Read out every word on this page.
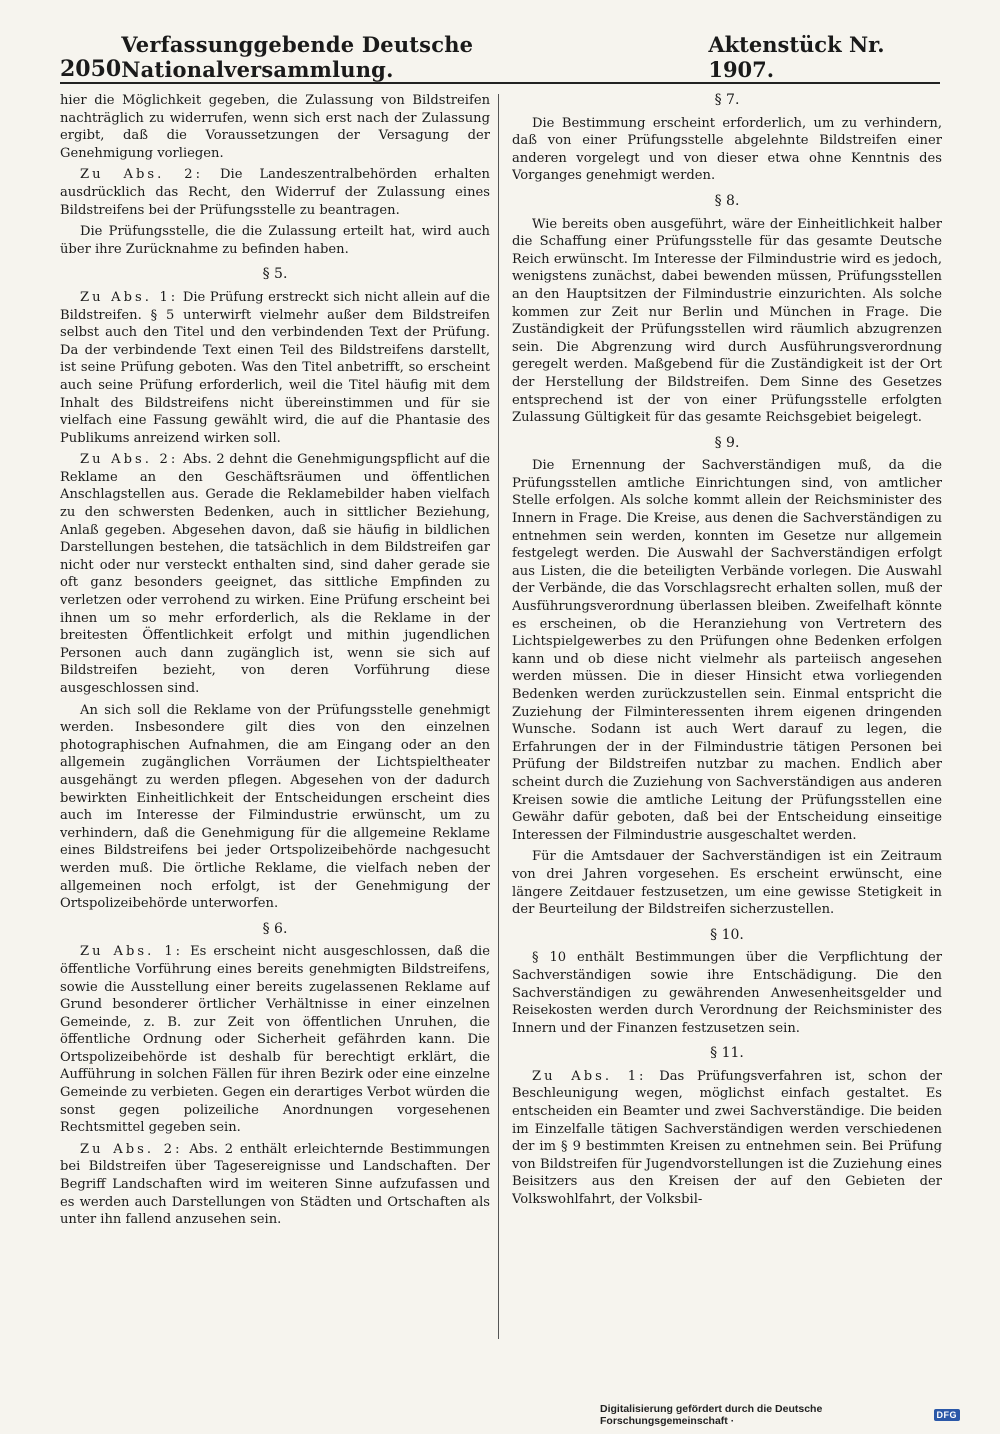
2050
Verfassunggebende Deutsche Nationalversammlung.
Aktenstück Nr. 1907.

hier die Möglichkeit gegeben, die Zulassung von Bildstreifen nachträglich zu widerrufen, wenn sich erst nach der Zulassung ergibt, daß die Voraussetzungen der Versagung der Genehmigung vorliegen.

Zu Abs. 2: Die Landeszentralbehörden erhalten ausdrücklich das Recht, den Widerruf der Zulassung eines Bildstreifens bei der Prüfungsstelle zu beantragen.

Die Prüfungsstelle, die die Zulassung erteilt hat, wird auch über ihre Zurücknahme zu befinden haben.

§ 5.

Zu Abs. 1: Die Prüfung erstreckt sich nicht allein auf die Bildstreifen. § 5 unterwirft vielmehr außer dem Bildstreifen selbst auch den Titel und den verbindenden Text der Prüfung. Da der verbindende Text einen Teil des Bildstreifens darstellt, ist seine Prüfung geboten. Was den Titel anbetrifft, so erscheint auch seine Prüfung erforderlich, weil die Titel häufig mit dem Inhalt des Bildstreifens nicht übereinstimmen und für sie vielfach eine Fassung gewählt wird, die auf die Phantasie des Publikums anreizend wirken soll.

Zu Abs. 2: Abs. 2 dehnt die Genehmigungspflicht auf die Reklame an den Geschäftsräumen und öffentlichen Anschlagstellen aus. Gerade die Reklamebilder haben vielfach zu den schwersten Bedenken, auch in sittlicher Beziehung, Anlaß gegeben. Abgesehen davon, daß sie häufig in bildlichen Darstellungen bestehen, die tatsächlich in dem Bildstreifen gar nicht oder nur versteckt enthalten sind, sind daher gerade sie oft ganz besonders geeignet, das sittliche Empfinden zu verletzen oder verrohend zu wirken. Eine Prüfung erscheint bei ihnen um so mehr erforderlich, als die Reklame in der breitesten Öffentlichkeit erfolgt und mithin jugendlichen Personen auch dann zugänglich ist, wenn sie sich auf Bildstreifen bezieht, von deren Vorführung diese ausgeschlossen sind.

An sich soll die Reklame von der Prüfungsstelle genehmigt werden. Insbesondere gilt dies von den einzelnen photographischen Aufnahmen, die am Eingang oder an den allgemein zugänglichen Vorräumen der Lichtspieltheater ausgehängt zu werden pflegen. Abgesehen von der dadurch bewirkten Einheitlichkeit der Entscheidungen erscheint dies auch im Interesse der Filmindustrie erwünscht, um zu verhindern, daß die Genehmigung für die allgemeine Reklame eines Bildstreifens bei jeder Ortspolizeibehörde nachgesucht werden muß. Die örtliche Reklame, die vielfach neben der allgemeinen noch erfolgt, ist der Genehmigung der Ortspolizeibehörde unterworfen.

§ 6.

Zu Abs. 1: Es erscheint nicht ausgeschlossen, daß die öffentliche Vorführung eines bereits genehmigten Bildstreifens, sowie die Ausstellung einer bereits zugelassenen Reklame auf Grund besonderer örtlicher Verhältnisse in einer einzelnen Gemeinde, z. B. zur Zeit von öffentlichen Unruhen, die öffentliche Ordnung oder Sicherheit gefährden kann. Die Ortspolizeibehörde ist deshalb für berechtigt erklärt, die Aufführung in solchen Fällen für ihren Bezirk oder eine einzelne Gemeinde zu verbieten. Gegen ein derartiges Verbot würden die sonst gegen polizeiliche Anordnungen vorgesehenen Rechtsmittel gegeben sein.

Zu Abs. 2: Abs. 2 enthält erleichternde Bestimmungen bei Bildstreifen über Tagesereignisse und Landschaften. Der Begriff Landschaften wird im weiteren Sinne aufzufassen und es werden auch Darstellungen von Städten und Ortschaften als unter ihn fallend anzusehen sein.

§ 7.

Die Bestimmung erscheint erforderlich, um zu verhindern, daß von einer Prüfungsstelle abgelehnte Bildstreifen einer anderen vorgelegt und von dieser etwa ohne Kenntnis des Vorganges genehmigt werden.

§ 8.

Wie bereits oben ausgeführt, wäre der Einheitlichkeit halber die Schaffung einer Prüfungsstelle für das gesamte Deutsche Reich erwünscht. Im Interesse der Filmindustrie wird es jedoch, wenigstens zunächst, dabei bewenden müssen, Prüfungsstellen an den Hauptsitzen der Filmindustrie einzurichten. Als solche kommen zur Zeit nur Berlin und München in Frage. Die Zuständigkeit der Prüfungsstellen wird räumlich abzugrenzen sein. Die Abgrenzung wird durch Ausführungsverordnung geregelt werden. Maßgebend für die Zuständigkeit ist der Ort der Herstellung der Bildstreifen. Dem Sinne des Gesetzes entsprechend ist der von einer Prüfungsstelle erfolgten Zulassung Gültigkeit für das gesamte Reichsgebiet beigelegt.

§ 9.

Die Ernennung der Sachverständigen muß, da die Prüfungsstellen amtliche Einrichtungen sind, von amtlicher Stelle erfolgen. Als solche kommt allein der Reichsminister des Innern in Frage. Die Kreise, aus denen die Sachverständigen zu entnehmen sein werden, konnten im Gesetze nur allgemein festgelegt werden. Die Auswahl der Sachverständigen erfolgt aus Listen, die die beteiligten Verbände vorlegen. Die Auswahl der Verbände, die das Vorschlagsrecht erhalten sollen, muß der Ausführungsverordnung überlassen bleiben. Zweifelhaft könnte es erscheinen, ob die Heranziehung von Vertretern des Lichtspielgewerbes zu den Prüfungen ohne Bedenken erfolgen kann und ob diese nicht vielmehr als parteiisch angesehen werden müssen. Die in dieser Hinsicht etwa vorliegenden Bedenken werden zurückzustellen sein. Einmal entspricht die Zuziehung der Filminteressenten ihrem eigenen dringenden Wunsche. Sodann ist auch Wert darauf zu legen, die Erfahrungen der in der Filmindustrie tätigen Personen bei Prüfung der Bildstreifen nutzbar zu machen. Endlich aber scheint durch die Zuziehung von Sachverständigen aus anderen Kreisen sowie die amtliche Leitung der Prüfungsstellen eine Gewähr dafür geboten, daß bei der Entscheidung einseitige Interessen der Filmindustrie ausgeschaltet werden.

Für die Amtsdauer der Sachverständigen ist ein Zeitraum von drei Jahren vorgesehen. Es erscheint erwünscht, eine längere Zeitdauer festzusetzen, um eine gewisse Stetigkeit in der Beurteilung der Bildstreifen sicherzustellen.

§ 10.

§ 10 enthält Bestimmungen über die Verpflichtung der Sachverständigen sowie ihre Entschädigung. Die den Sachverständigen zu gewährenden Anwesenheitsgelder und Reisekosten werden durch Verordnung der Reichsminister des Innern und der Finanzen festzusetzen sein.

§ 11.

Zu Abs. 1: Das Prüfungsverfahren ist, schon der Beschleunigung wegen, möglichst einfach gestaltet. Es entscheiden ein Beamter und zwei Sachverständige. Die beiden im Einzelfalle tätigen Sachverständigen werden verschiedenen der im § 9 bestimmten Kreisen zu entnehmen sein. Bei Prüfung von Bildstreifen für Jugendvorstellungen ist die Zuziehung eines Beisitzers aus den Kreisen der auf den Gebieten der Volkswohlfahrt, der Volksbil-

Digitalisierung gefördert durch die Deutsche Forschungsgemeinschaft ·	DFG
